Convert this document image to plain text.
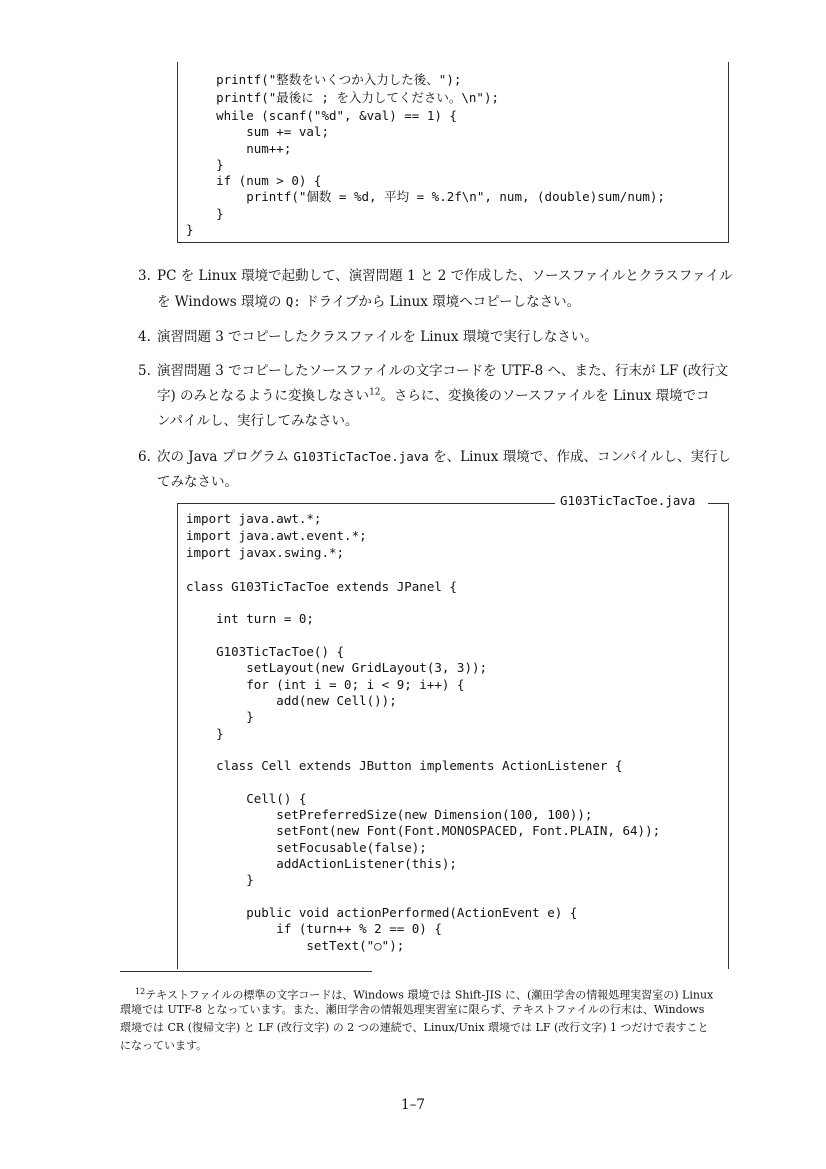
printf("整数をいくつか入力した後、");
printf("最後に ; を入力してください。\n");
while (scanf("%d", &val) == 1) {
sum += val;
num++;
}
if (num > 0) {
printf("個数 = %d, 平均 = %.2f\n", num, (double)sum/num);
}
}
3. PC を Linux 環境で起動して、演習問題 1 と 2 で作成した、ソースファイルとクラスファイル
を Windows 環境の Q: ドライブから Linux 環境へコピーしなさい。
4. 演習問題 3 でコピーしたクラスファイルを Linux 環境で実行しなさい。
5. 演習問題 3 でコピーしたソースファイルの文字コードを UTF-8 へ、また、行末が LF (改行文
字) のみとなるように変換しなさい$^{12}$。さらに、変換後のソースファイルを Linux 環境でコ
ンパイルし、実行してみなさい。
6. 次の Java プログラム G103TicTacToe.java を、Linux 環境で、作成、コンパイルし、実行し
てみなさい。
G103TicTacToe.java
import java.awt.*;
import java.awt.event.*;
import javax.swing.*;
class G103TicTacToe extends JPanel {
int turn = 0;
G103TicTacToe() {
setLayout(new GridLayout(3, 3));
for (int i = 0; i < 9; i++) {
add(new Cell());
}
}
class Cell extends JButton implements ActionListener {
Cell() {
setPreferredSize(new Dimension(100, 100));
setFont(new Font(Font.MONOSPACED, Font.PLAIN, 64));
setFocusable(false);
addActionListener(this);
}
public void actionPerformed(ActionEvent e) {
if (turn++ % 2 == 0) {
setText("○");
$^{12}$テキストファイルの標準の文字コードは、Windows 環境では Shift-JIS に、(瀬田学舎の情報処理実習室の) Linux
環境では UTF-8 となっています。また、瀬田学舎の情報処理実習室に限らず、テキストファイルの行末は、Windows
環境では CR (復帰文字) と LF (改行文字) の 2 つの連続で、Linux/Unix 環境では LF (改行文字) 1 つだけで表すこと
になっています。
1–7
